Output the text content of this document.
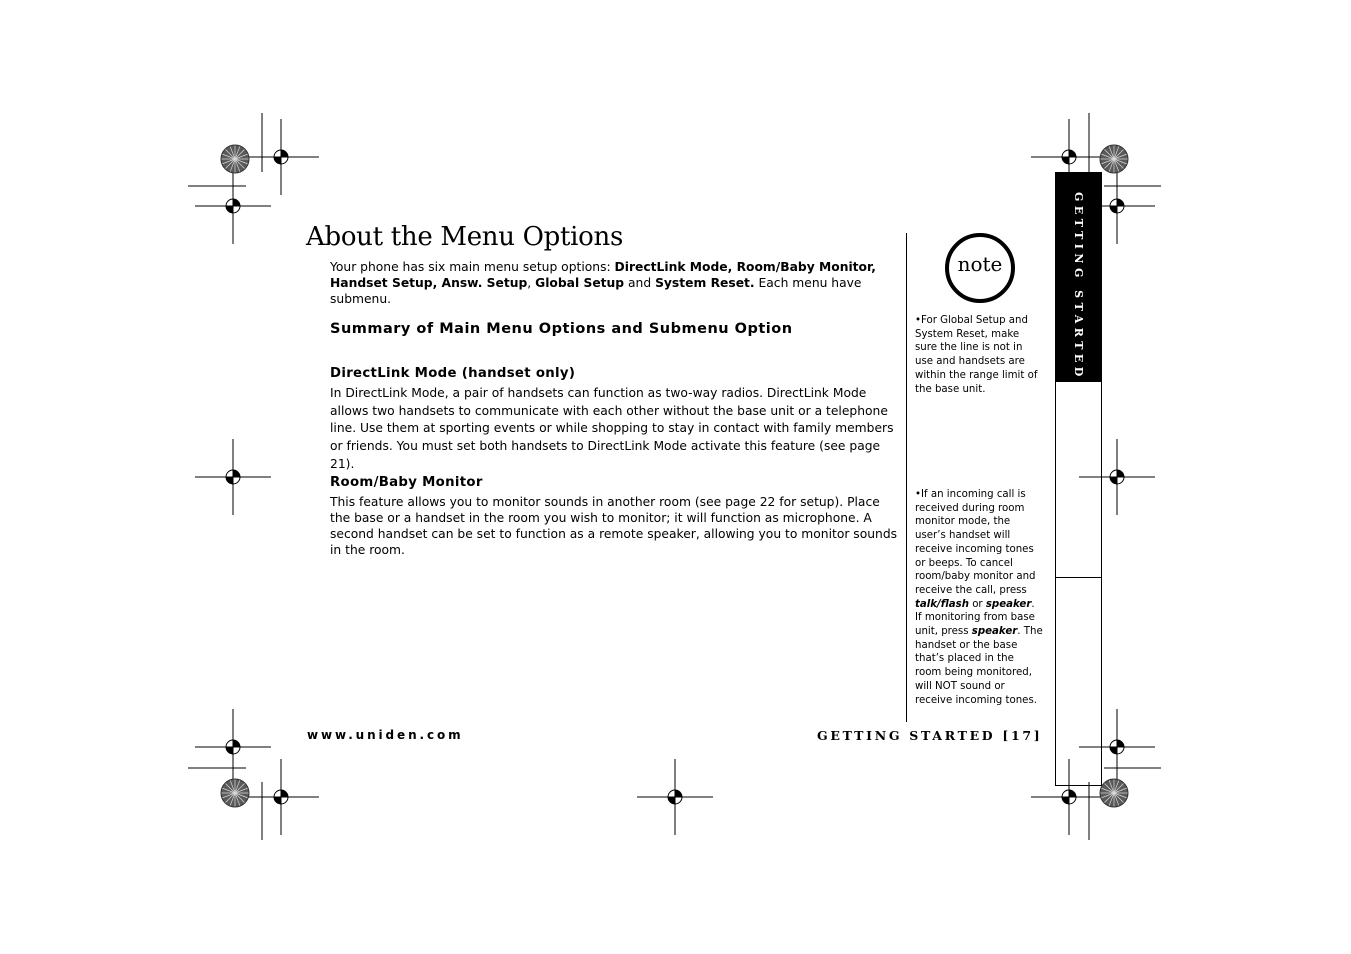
About the Menu Options
Your phone has six main menu setup options: DirectLink Mode, Room/Baby Monitor, Handset Setup, Answ. Setup, Global Setup and System Reset. Each menu have submenu.
Summary of Main Menu Options and Submenu Option
DirectLink Mode (handset only)
In DirectLink Mode, a pair of handsets can function as two-way radios. DirectLink Mode allows two handsets to communicate with each other without the base unit or a telephone line. Use them at sporting events or while shopping to stay in contact with family members or friends. You must set both handsets to DirectLink Mode activate this feature (see page 21).
Room/Baby Monitor
This feature allows you to monitor sounds in another room (see page 22 for setup). Place the base or a handset in the room you wish to monitor; it will function as microphone. A second handset can be set to function as a remote speaker, allowing you to monitor sounds in the room.
note
•For Global Setup and System Reset, make sure the line is not in use and handsets are within the range limit of the base unit.
•If an incoming call is received during room monitor mode, the user’s handset will receive incoming tones or beeps. To cancel room/baby monitor and receive the call, press talk/flash or speaker. If monitoring from base unit, press speaker. The handset or the base that’s placed in the room being monitored, will NOT sound or receive incoming tones.
GETTING STARTED
www.uniden.com	GETTING STARTED [17]
